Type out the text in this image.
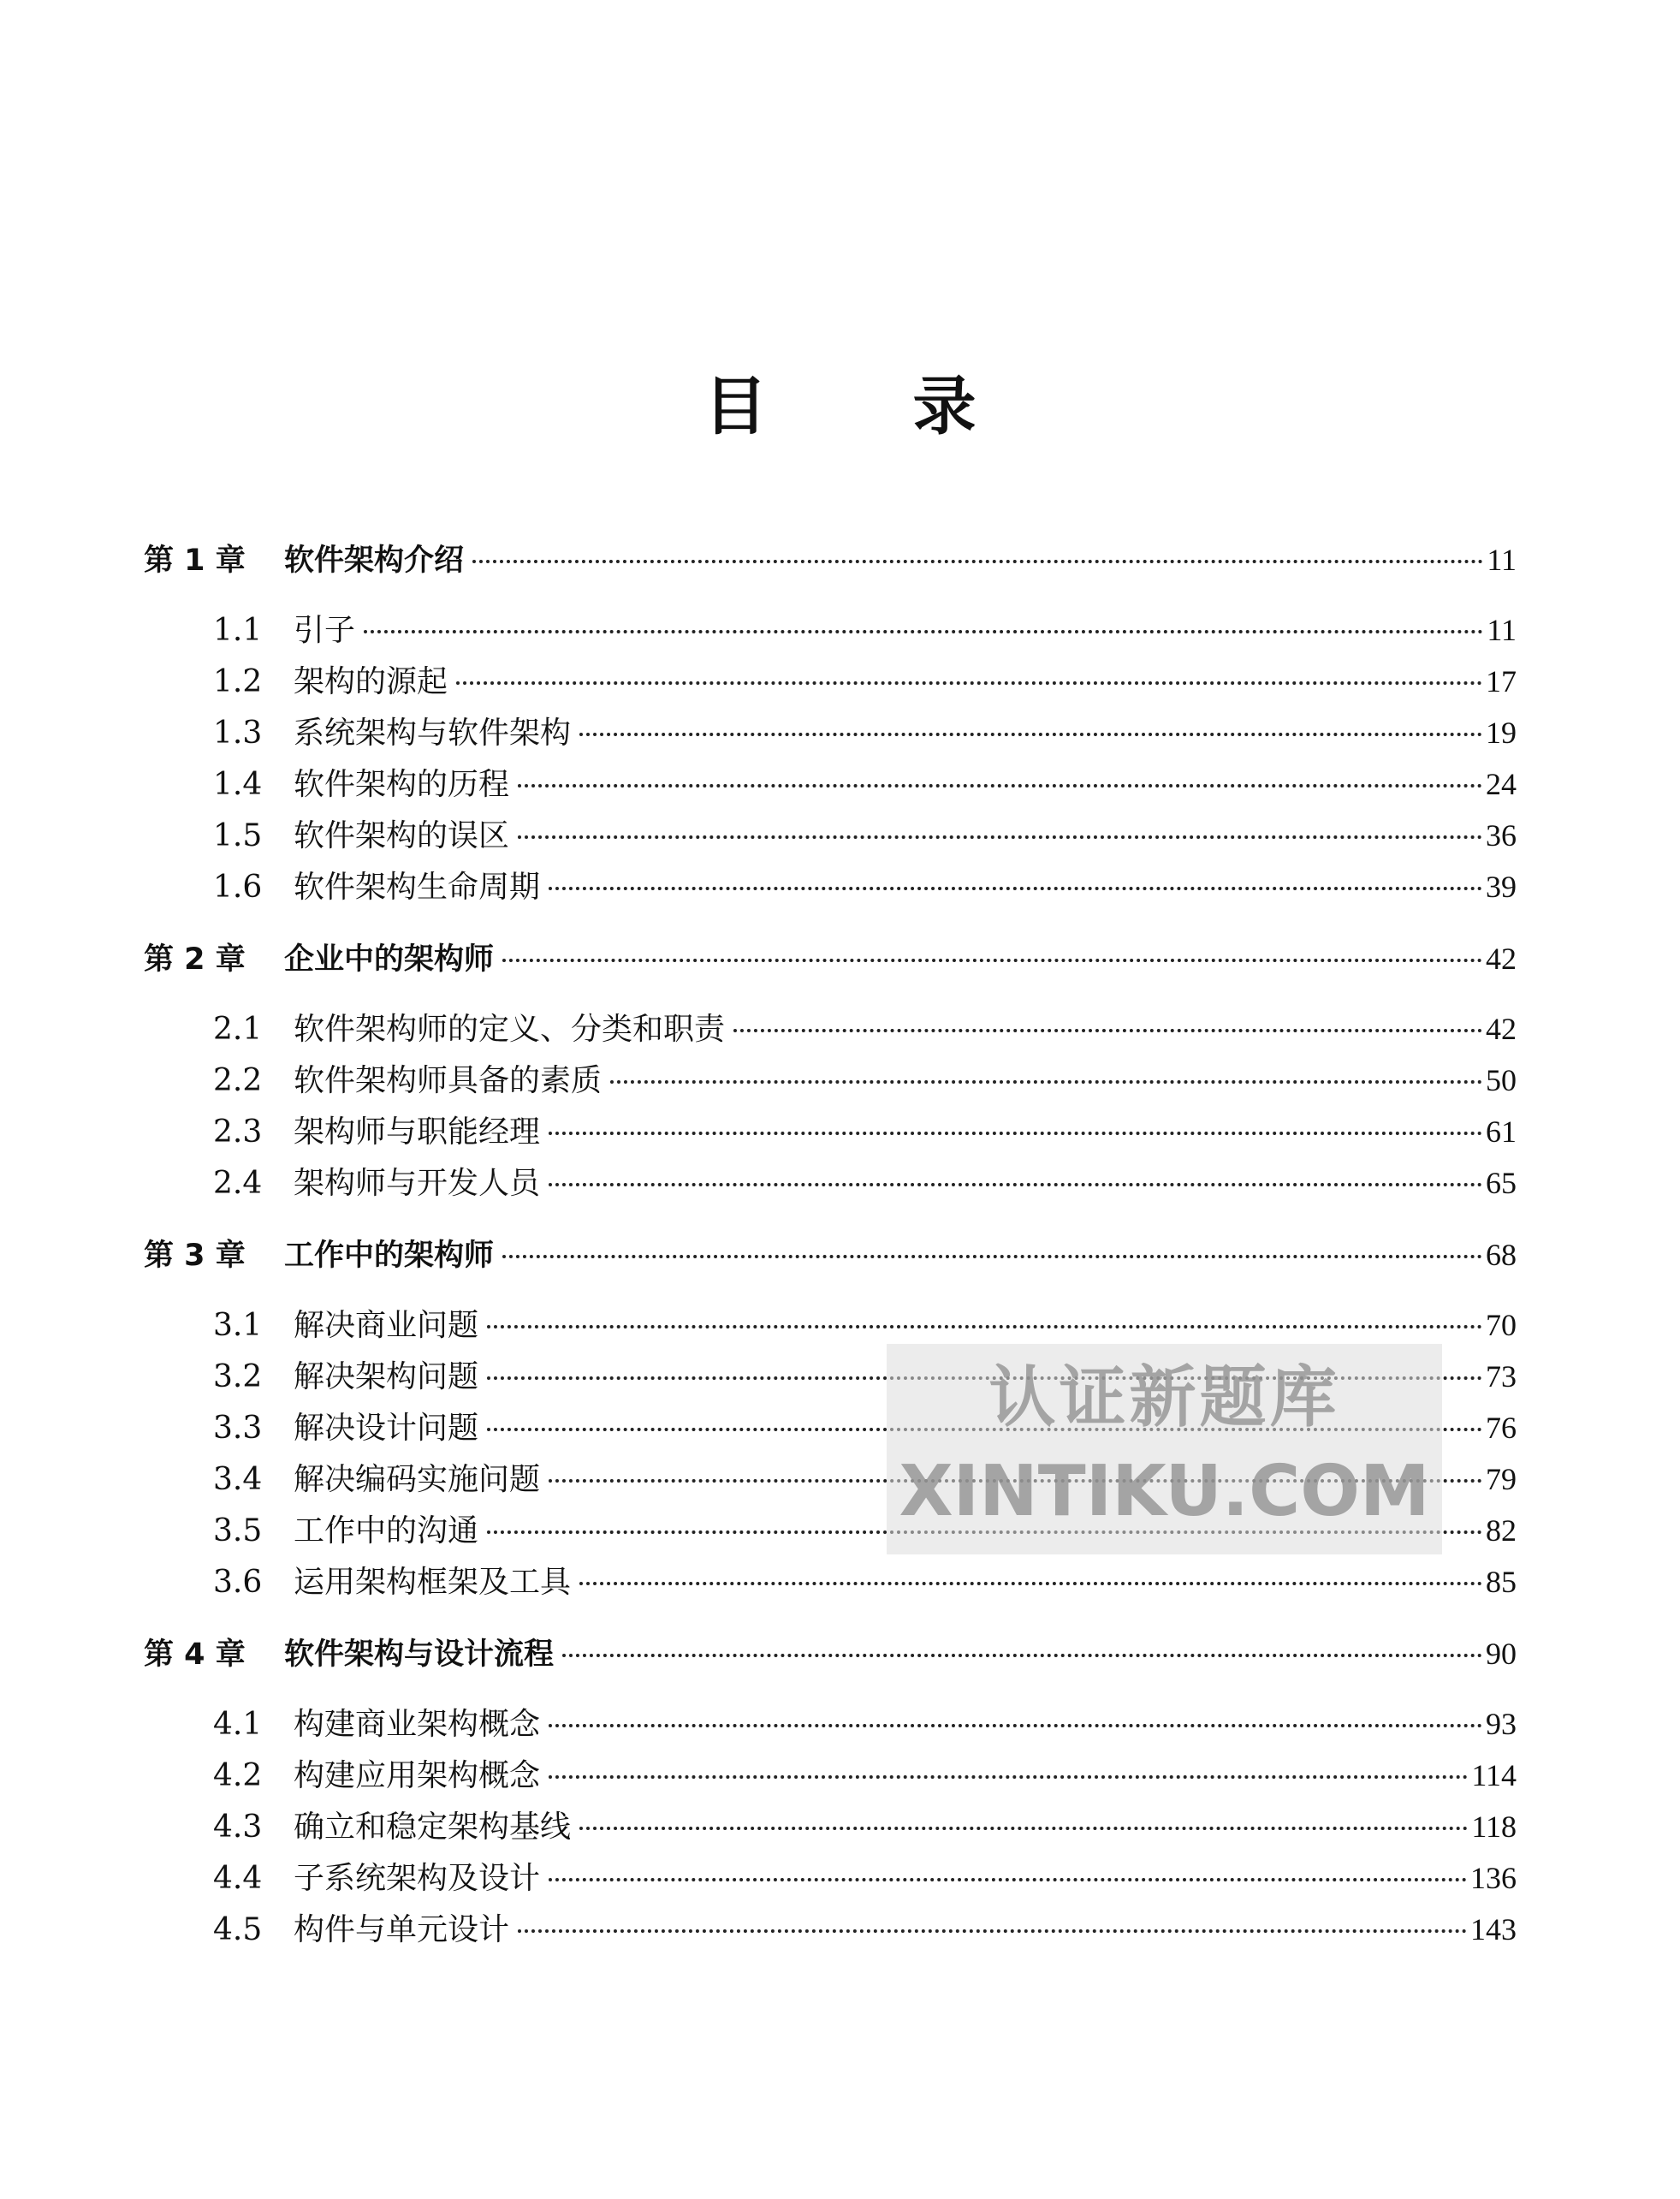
目 录
第 1 章	软件架构介绍	11
1.1	引子	11
1.2	架构的源起	17
1.3	系统架构与软件架构	19
1.4	软件架构的历程	24
1.5	软件架构的误区	36
1.6	软件架构生命周期	39
第 2 章	企业中的架构师	42
2.1	软件架构师的定义、分类和职责	42
2.2	软件架构师具备的素质	50
2.3	架构师与职能经理	61
2.4	架构师与开发人员	65
第 3 章	工作中的架构师	68
3.1	解决商业问题	70
3.2	解决架构问题	73
3.3	解决设计问题	76
3.4	解决编码实施问题	79
3.5	工作中的沟通	82
3.6	运用架构框架及工具	85
第 4 章	软件架构与设计流程	90
4.1	构建商业架构概念	93
4.2	构建应用架构概念	114
4.3	确立和稳定架构基线	118
4.4	子系统架构及设计	136
4.5	构件与单元设计	143
认证新题库
XINTIKU.COM
